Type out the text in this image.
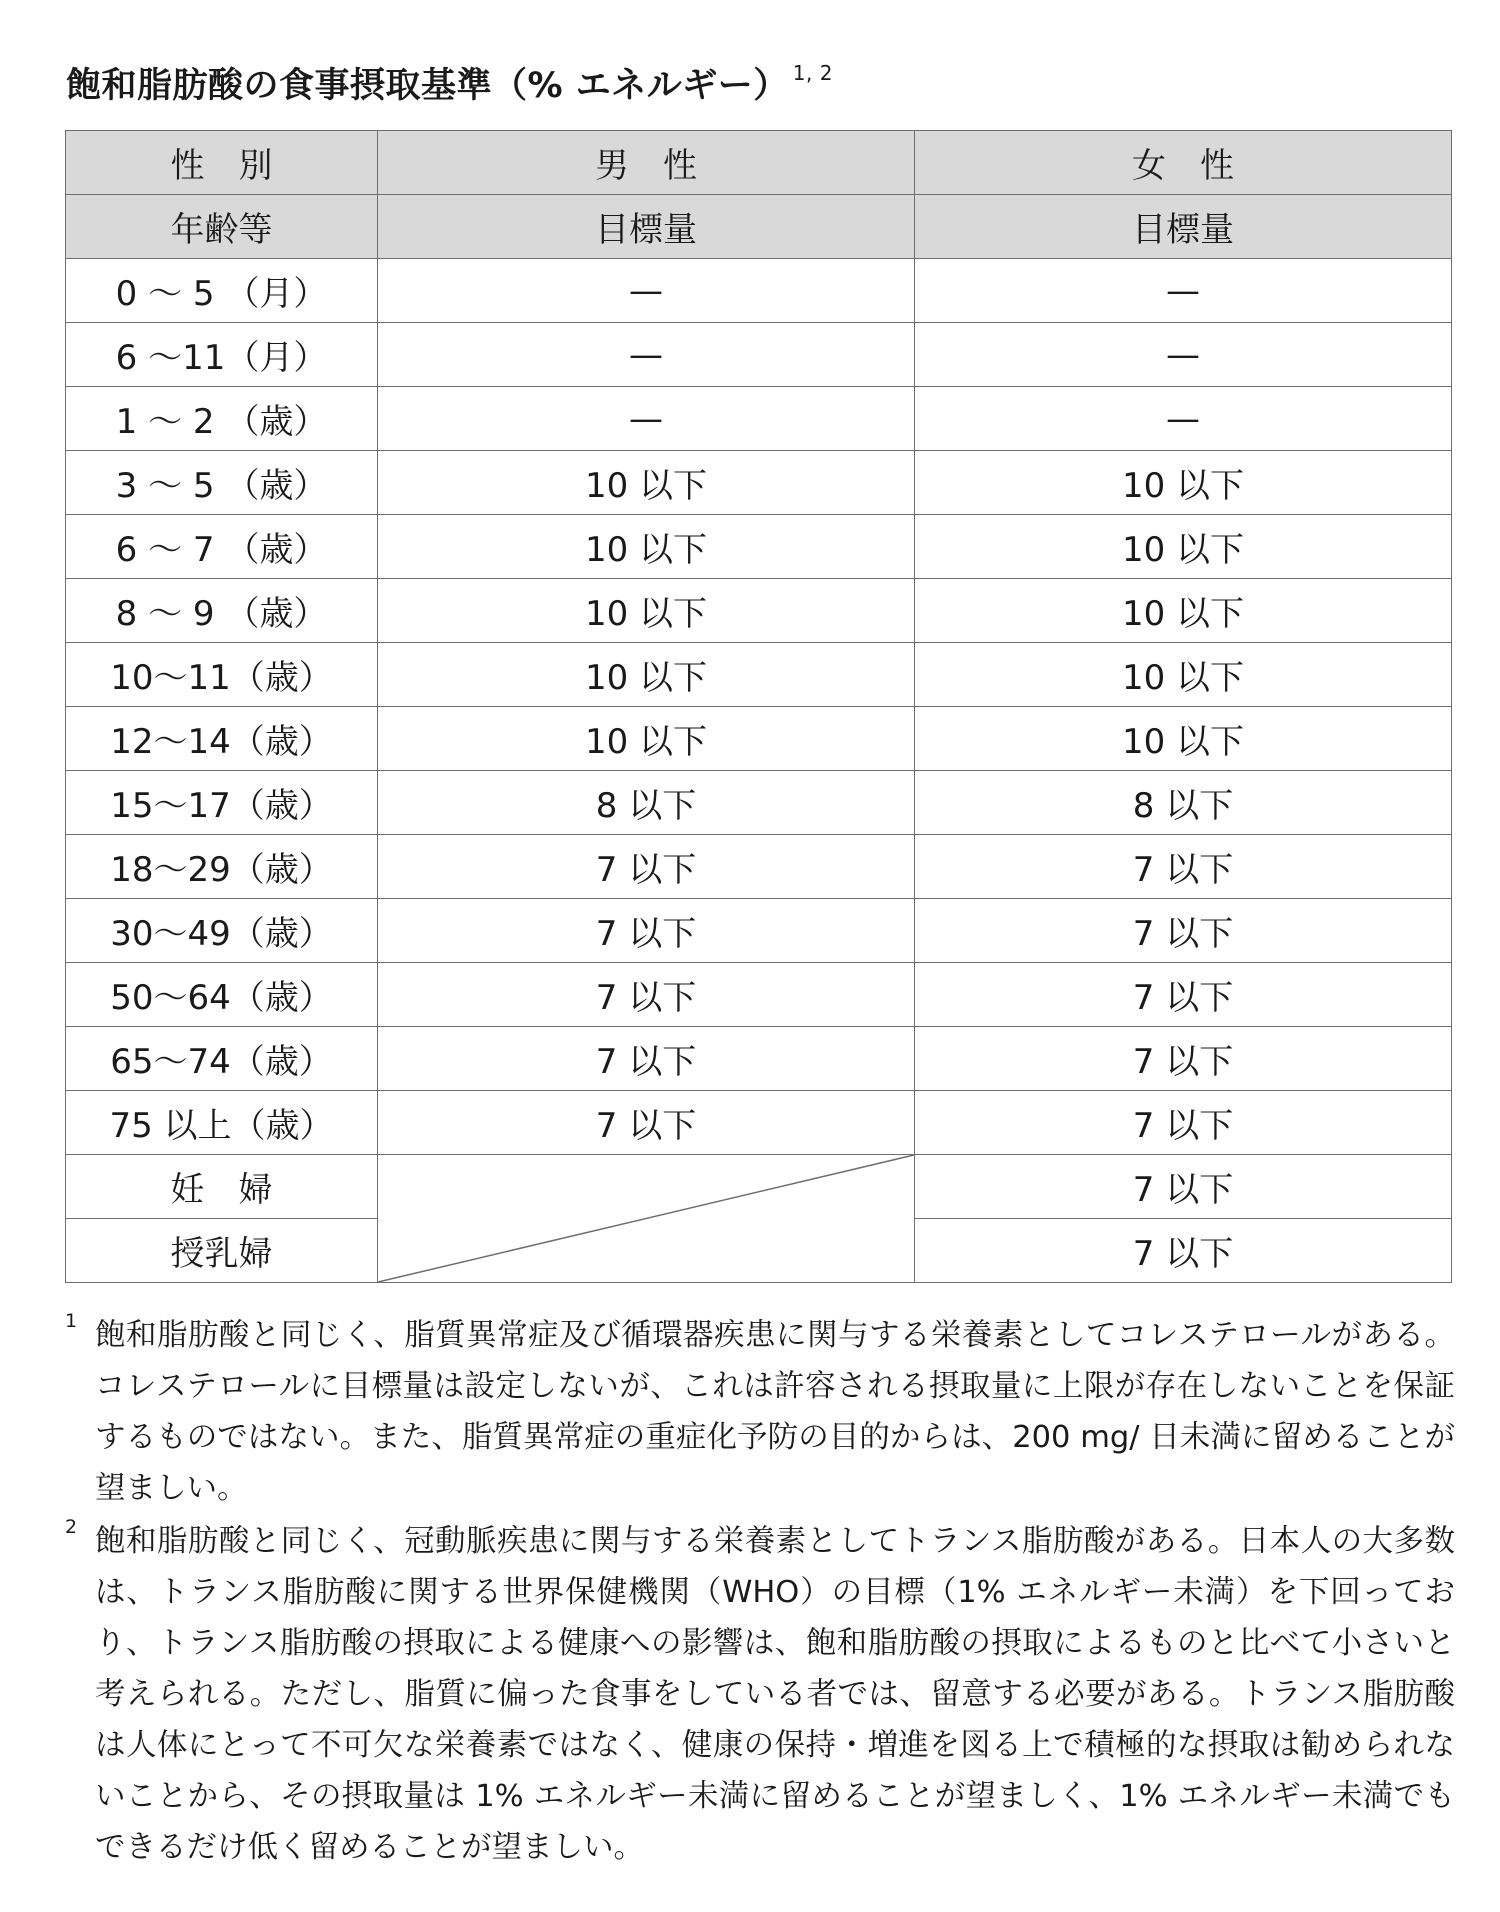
飽和脂肪酸の食事摂取基準（% エネルギー） $^{1, 2}$
性　別	男　性	女　性
年齢等	目標量	目標量
0 ～ 5 （月）	—	—
6 ～11（月）	—	—
1 ～ 2 （歳）	—	—
3 ～ 5 （歳）	10 以下	10 以下
6 ～ 7 （歳）	10 以下	10 以下
8 ～ 9 （歳）	10 以下	10 以下
10～11（歳）	10 以下	10 以下
12～14（歳）	10 以下	10 以下
15～17（歳）	8 以下	8 以下
18～29（歳）	7 以下	7 以下
30～49（歳）	7 以下	7 以下
50～64（歳）	7 以下	7 以下
65～74（歳）	7 以下	7 以下
75 以上（歳）	7 以下	7 以下
妊　婦		7 以下
授乳婦		7 以下
1 飽和脂肪酸と同じく、脂質異常症及び循環器疾患に関与する栄養素としてコレステロールがある。コレステロールに目標量は設定しないが、これは許容される摂取量に上限が存在しないことを保証するものではない。また、脂質異常症の重症化予防の目的からは、200 mg/ 日未満に留めることが望ましい。
2 飽和脂肪酸と同じく、冠動脈疾患に関与する栄養素としてトランス脂肪酸がある。日本人の大多数は、トランス脂肪酸に関する世界保健機関（WHO）の目標（1% エネルギー未満）を下回っており、トランス脂肪酸の摂取による健康への影響は、飽和脂肪酸の摂取によるものと比べて小さいと考えられる。ただし、脂質に偏った食事をしている者では、留意する必要がある。トランス脂肪酸は人体にとって不可欠な栄養素ではなく、健康の保持・増進を図る上で積極的な摂取は勧められないことから、その摂取量は 1% エネルギー未満に留めることが望ましく、1% エネルギー未満でもできるだけ低く留めることが望ましい。
